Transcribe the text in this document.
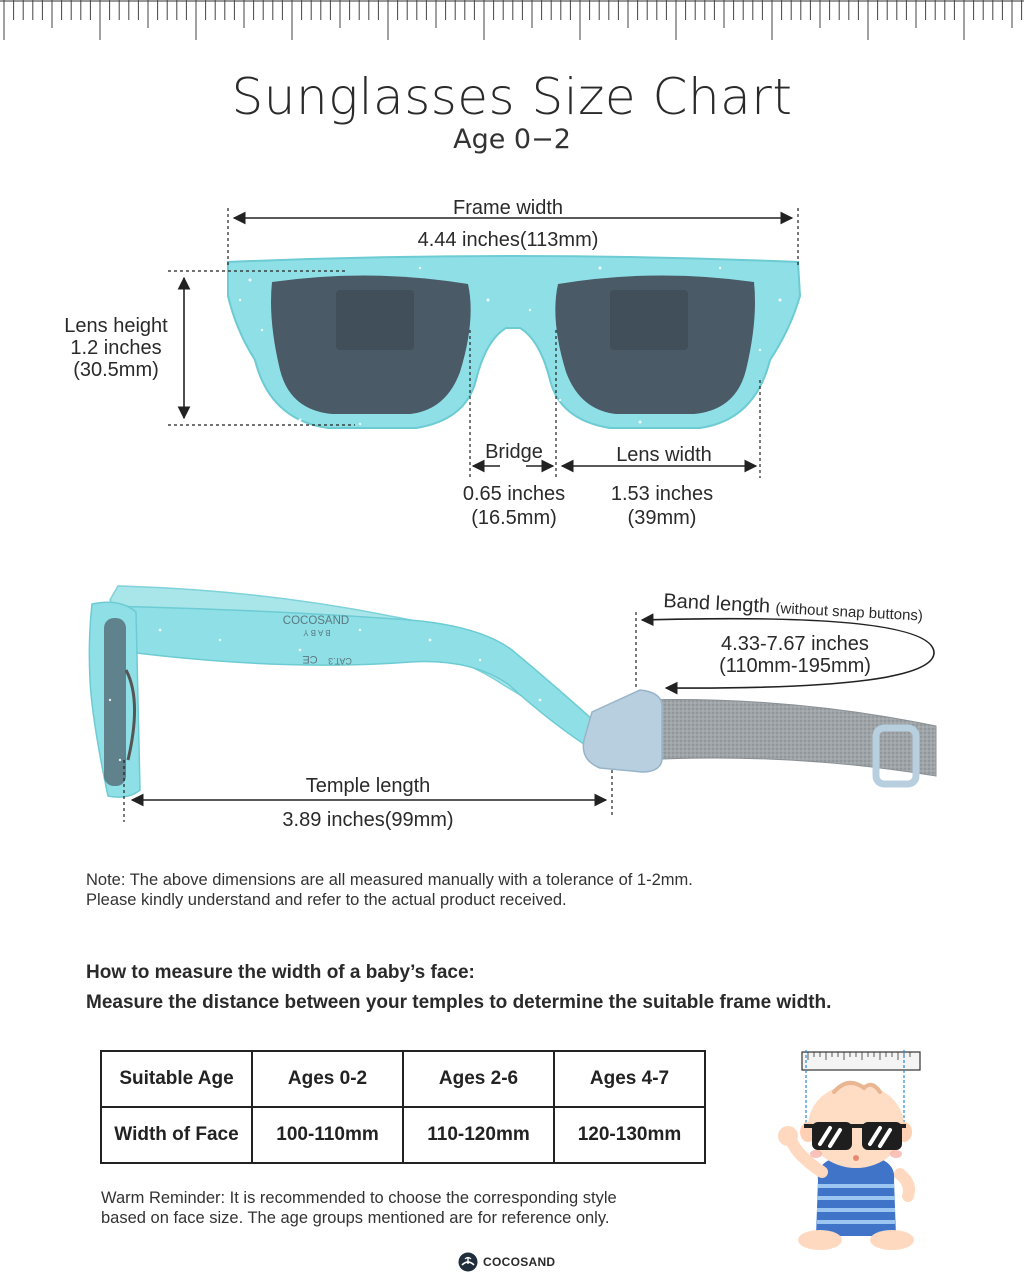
Sunglasses Size Chart
Age 0−2
Frame width
4.44 inches(113mm)
Lens height
1.2 inches
(30.5mm)
Bridge
0.65 inches
(16.5mm)
Lens width
1.53 inches
(39mm)
COCOSAND
BABY
CAT.3
CE
Band length (without snap buttons)
4.33-7.67 inches
(110mm-195mm)
Temple length
3.89 inches(99mm)
Note: The above dimensions are all measured manually with a tolerance of 1-2mm.
Please kindly understand and refer to the actual product received.
How to measure the width of a baby’s face:
Measure the distance between your temples to determine the suitable frame width.
Suitable Age	Ages 0-2	Ages 2-6	Ages 4-7
Width of Face	100-110mm	110-120mm	120-130mm
Warm Reminder: It is recommended to choose the corresponding style
based on face size. The age groups mentioned are for reference only.
COCOSAND
